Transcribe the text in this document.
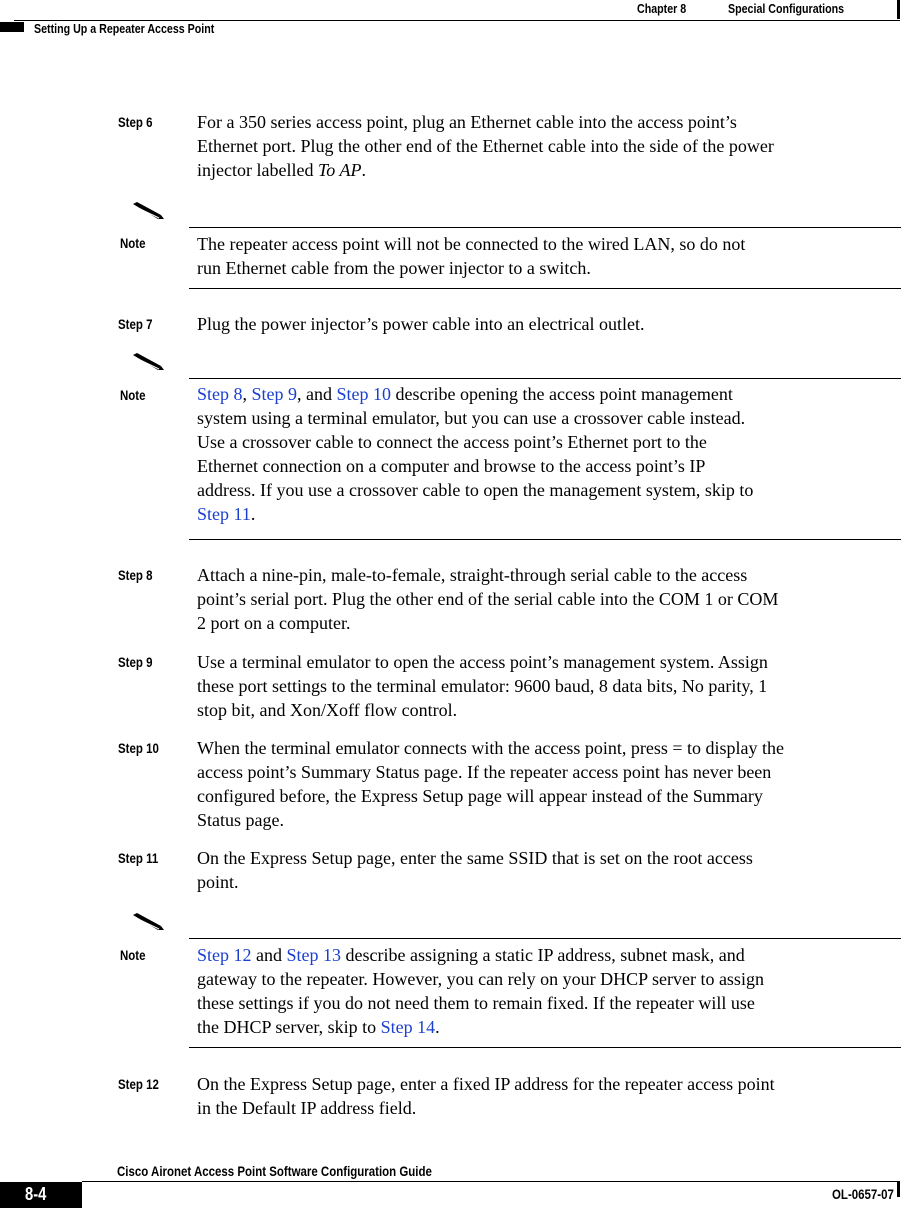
Chapter 8	Special Configurations
Setting Up a Repeater Access Point
Step 6 For a 350 series access point, plug an Ethernet cable into the access point’s
Ethernet port. Plug the other end of the Ethernet cable into the side of the power
injector labelled To AP.
Note	The repeater access point will not be connected to the wired LAN, so do not
run Ethernet cable from the power injector to a switch.
Step 7 Plug the power injector’s power cable into an electrical outlet.
Note	Step 8, Step 9, and Step 10 describe opening the access point management
system using a terminal emulator, but you can use a crossover cable instead.
Use a crossover cable to connect the access point’s Ethernet port to the
Ethernet connection on a computer and browse to the access point’s IP
address. If you use a crossover cable to open the management system, skip to
Step 11.
Step 8 Attach a nine-pin, male-to-female, straight-through serial cable to the access
point’s serial port. Plug the other end of the serial cable into the COM 1 or COM
2 port on a computer.
Step 9 Use a terminal emulator to open the access point’s management system. Assign
these port settings to the terminal emulator: 9600 baud, 8 data bits, No parity, 1
stop bit, and Xon/Xoff flow control.
Step 10 When the terminal emulator connects with the access point, press = to display the
access point’s Summary Status page. If the repeater access point has never been
configured before, the Express Setup page will appear instead of the Summary
Status page.
Step 11 On the Express Setup page, enter the same SSID that is set on the root access
point.
Note	Step 12 and Step 13 describe assigning a static IP address, subnet mask, and
gateway to the repeater. However, you can rely on your DHCP server to assign
these settings if you do not need them to remain fixed. If the repeater will use
the DHCP server, skip to Step 14.
Step 12 On the Express Setup page, enter a fixed IP address for the repeater access point
in the Default IP address field.
Cisco Aironet Access Point Software Configuration Guide
8-4	OL-0657-07
